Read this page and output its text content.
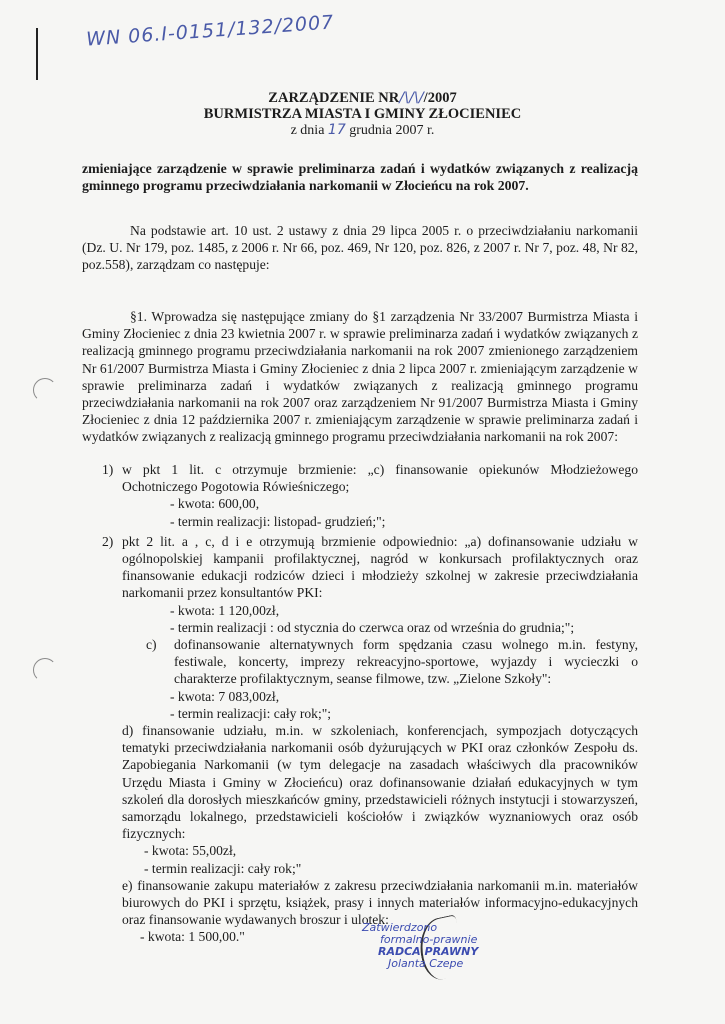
WN 06.I-0151/132/2007
ZARZĄDZENIE NR/\/\//2007
BURMISTRZA MIASTA I GMINY ZŁOCIENIEC
z dnia 17 grudnia 2007 r.
zmieniające zarządzenie w sprawie preliminarza zadań i wydatków związanych z realizacją gminnego programu przeciwdziałania narkomanii w Złocieńcu na rok 2007.
Na podstawie art. 10 ust. 2 ustawy z dnia 29 lipca 2005 r. o przeciwdziałaniu narkomanii (Dz. U. Nr 179, poz. 1485, z 2006 r. Nr 66, poz. 469, Nr 120, poz. 826, z 2007 r. Nr 7, poz. 48, Nr 82, poz.558), zarządzam co następuje:
§1. Wprowadza się następujące zmiany do §1 zarządzenia Nr 33/2007 Burmistrza Miasta i Gminy Złocieniec z dnia 23 kwietnia 2007 r. w sprawie preliminarza zadań i wydatków związanych z realizacją gminnego programu przeciwdziałania narkomanii na rok 2007 zmienionego zarządzeniem Nr 61/2007 Burmistrza Miasta i Gminy Złocieniec z dnia 2 lipca 2007 r. zmieniającym zarządzenie w sprawie preliminarza zadań i wydatków związanych z realizacją gminnego programu przeciwdziałania narkomanii na rok 2007 oraz zarządzeniem Nr 91/2007 Burmistrza Miasta i Gminy Złocieniec z dnia 12 października 2007 r. zmieniającym zarządzenie w sprawie preliminarza zadań i wydatków związanych z realizacją gminnego programu przeciwdziałania narkomanii na rok 2007:
1) w pkt 1 lit. c otrzymuje brzmienie: „c) finansowanie opiekunów Młodzieżowego Ochotniczego Pogotowia Rówieśniczego;
- kwota: 600,00,
- termin realizacji: listopad- grudzień;";
2) pkt 2 lit. a , c, d i e otrzymują brzmienie odpowiednio: „a) dofinansowanie udziału w ogólnopolskiej kampanii profilaktycznej, nagród w konkursach profilaktycznych oraz finansowanie edukacji rodziców dzieci i młodzieży szkolnej w zakresie przeciwdziałania narkomanii przez konsultantów PKI:
- kwota: 1 120,00zł,
- termin realizacji : od stycznia do czerwca oraz od września do grudnia;";
c) dofinansowanie alternatywnych form spędzania czasu wolnego m.in. festyny, festiwale, koncerty, imprezy rekreacyjno-sportowe, wyjazdy i wycieczki o charakterze profilaktycznym, seanse filmowe, tzw. „Zielone Szkoły":
- kwota: 7 083,00zł,
- termin realizacji: cały rok;";
d) finansowanie udziału, m.in. w szkoleniach, konferencjach, sympozjach dotyczących tematyki przeciwdziałania narkomanii osób dyżurujących w PKI oraz członków Zespołu ds. Zapobiegania Narkomanii (w tym delegacje na zasadach właściwych dla pracowników Urzędu Miasta i Gminy w Złocieńcu) oraz dofinansowanie działań edukacyjnych w tym szkoleń dla dorosłych mieszkańców gminy, przedstawicieli różnych instytucji i stowarzyszeń, samorządu lokalnego, przedstawicieli kościołów i związków wyznaniowych oraz osób fizycznych:
- kwota: 55,00zł,
- termin realizacji: cały rok;"
e) finansowanie zakupu materiałów z zakresu przeciwdziałania narkomanii m.in. materiałów biurowych do PKI i sprzętu, książek, prasy i innych materiałów informacyjno-edukacyjnych oraz finansowanie wydawanych broszur i ulotek:
- kwota: 1 500,00."
Zatwierdzono
formalno-prawnie
RADCA PRAWNY
Jolanta Czepe
